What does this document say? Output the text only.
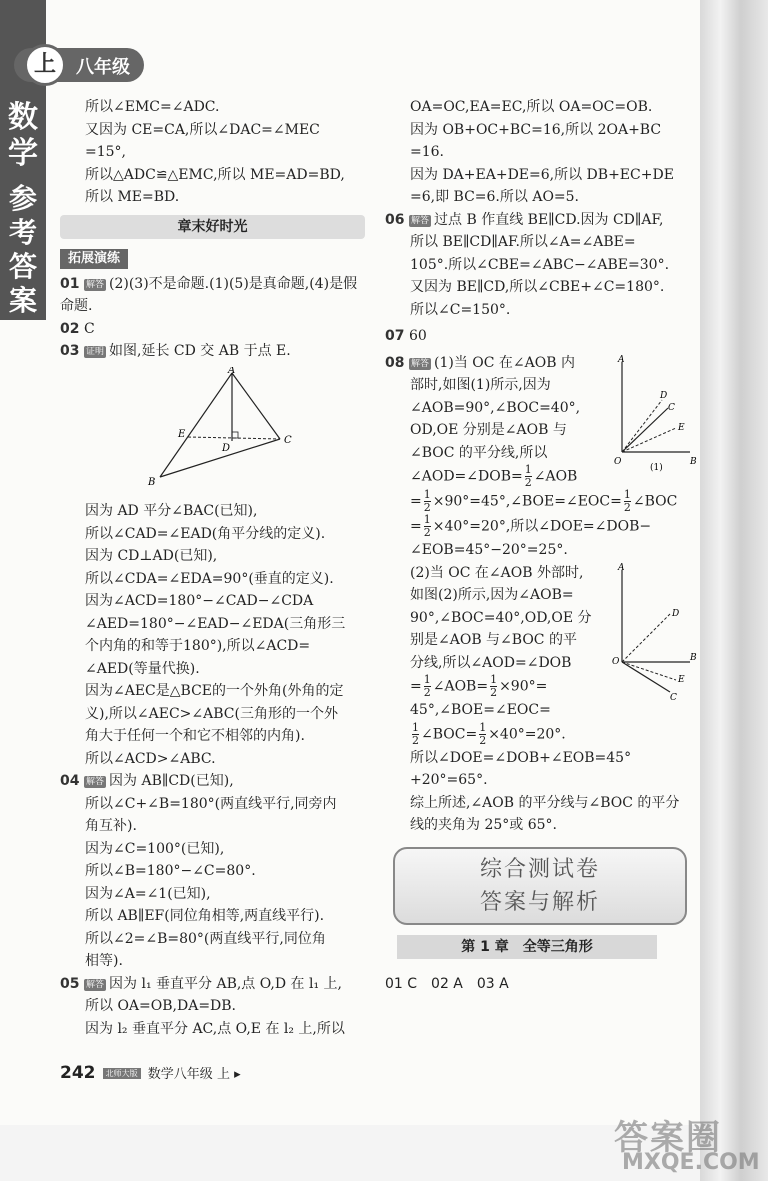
数学
参考答案
上	八年级

所以∠EMC=∠ADC.

又因为 CE=CA,所以∠DAC=∠MEC

=15°,

所以△ADC≌△EMC,所以 ME=AD=BD,

所以 ME=BD.

章末好时光
拓展演练

01 解答 (2)(3)不是命题.(1)(5)是真命题,(4)是假命题.

02 C

03 证明 如图,延长 CD 交 AB 于点 E.

A
B
C
D
E

因为 AD 平分∠BAC(已知),

所以∠CAD=∠EAD(角平分线的定义).

因为 CD⊥AD(已知),

所以∠CDA=∠EDA=90°(垂直的定义).

因为∠ACD=180°−∠CAD−∠CDA

∠AED=180°−∠EAD−∠EDA(三角形三

个内角的和等于180°),所以∠ACD=

∠AED(等量代换).

因为∠AEC是△BCE的一个外角(外角的定

义),所以∠AEC>∠ABC(三角形的一个外

角大于任何一个和它不相邻的内角).

所以∠ACD>∠ABC.

04 解答 因为 AB∥CD(已知),

所以∠C+∠B=180°(两直线平行,同旁内

角互补).

因为∠C=100°(已知),

所以∠B=180°−∠C=80°.

因为∠A=∠1(已知),

所以 AB∥EF(同位角相等,两直线平行).

所以∠2=∠B=80°(两直线平行,同位角

相等).

05 解答 因为 l₁ 垂直平分 AB,点 O,D 在 l₁ 上,

所以 OA=OB,DA=DB.

因为 l₂ 垂直平分 AC,点 O,E 在 l₂ 上,所以

OA=OC,EA=EC,所以 OA=OC=OB.

因为 OB+OC+BC=16,所以 2OA+BC

=16.

因为 DA+EA+DE=6,所以 DB+EC+DE

=6,即 BC=6.所以 AO=5.

06 解答 过点 B 作直线 BE∥CD.因为 CD∥AF,

所以 BE∥CD∥AF.所以∠A=∠ABE=

105°.所以∠CBE=∠ABC−∠ABE=30°.

又因为 BE∥CD,所以∠CBE+∠C=180°.

所以∠C=150°.

07 60

A
B
C
D
E
O
(1)

08 解答 (1)当 OC 在∠AOB 内

部时,如图(1)所示,因为

∠AOB=90°,∠BOC=40°,

OD,OE 分别是∠AOB 与

∠BOC 的平分线,所以

∠AOD=∠DOB= $\frac{1}{2}$ ∠AOB

= $\frac{1}{2}$ ×90°=45°,∠BOE=∠EOC= $\frac{1}{2}$ ∠BOC

= $\frac{1}{2} \times 40^\circ=20^\circ$,所以∠DOE=∠DOB−

∠EOB=45°−20°=25°.

A
B
C
D
E
O

(2)当 OC 在∠AOB 外部时,

如图(2)所示,因为∠AOB=

90°,∠BOC=40°,OD,OE 分

别是∠AOB 与∠BOC 的平

分线,所以∠AOD=∠DOB

= $\frac{1}{2}$ ∠AOB= $\frac{1}{2} \times 90^\circ=$

45°,∠BOE=∠EOC=

$\frac{1}{2}$ ∠BOC= $\frac{1}{2} \times 40^\circ=20^\circ$.

所以∠DOE=∠DOB+∠EOB=45°+20°=65°.

综上所述,∠AOB 的平分线与∠BOC 的平分

线的夹角为 25°或 65°.

综合测试卷
答案与解析
第 1 章　全等三角形

01 C　02 A　03 A

242 北师大版 数学八年级 上 ▸
答案圈
MXQE.COM
